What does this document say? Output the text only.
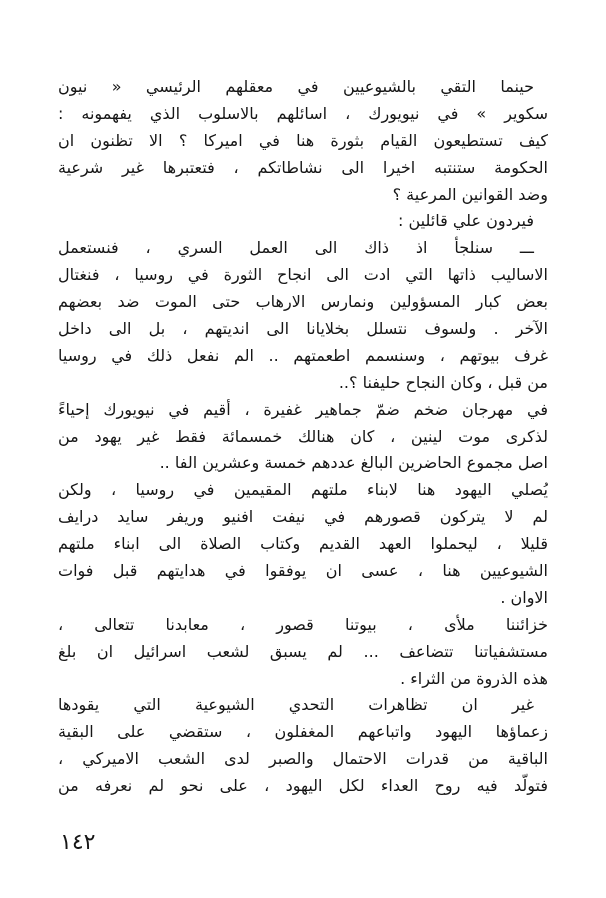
حينما التقي بالشيوعيين في معقلهم الرئيسي « نيون
سكوير » في نيويورك ، اسائلهم بالاسلوب الذي يفهمونه :
كيف تستطيعون القيام بثورة هنا في اميركا ؟ الا تظنون ان
الحكومة ستنتبه اخيرا الى نشاطاتكم ، فتعتبرها غير شرعية
وضد القوانين المرعية ؟
فيردون علي قائلين :
ـــ سنلجأ اذ ذاك الى العمل السري ، فنستعمل
الاساليب ذاتها التي ادت الى انجاح الثورة في روسيا ، فنغتال
بعض كبار المسؤولين ونمارس الارهاب حتى الموت ضد بعضهم
الآخر . ولسوف نتسلل بخلايانا الى انديتهم ، بل الى داخل
غرف بيوتهم ، وسنسمم اطعمتهم .. الم نفعل ذلك في روسيا
من قبل ، وكان النجاح حليفنا ؟..
في مهرجان ضخم ضمّ جماهير غفيرة ، أقيم في نيويورك إحياءً
لذكرى موت لينين ، كان هنالك خمسمائة فقط غير يهود من
اصل مجموع الحاضرين البالغ عددهم خمسة وعشرين الفا ..
يُصلي اليهود هنا لابناء ملتهم المقيمين في روسيا ، ولكن
لم لا يتركون قصورهم في نيفت افنيو وريفر سايد درايف
قليلا ، ليحملوا العهد القديم وكتاب الصلاة الى ابناء ملتهم
الشيوعيين هنا ، عسى ان يوفقوا في هدايتهم قبل فوات
الاوان .
خزائننا ملأى ، بيوتنا قصور ، معابدنا تتعالى ،
مستشفياتنا تتضاعف ... لم يسبق لشعب اسرائيل ان بلغ
هذه الذروة من الثراء .
غير ان تظاهرات التحدي الشيوعية التي يقودها
زعماؤها اليهود واتباعهم المغفلون ، ستقضي على البقية
الباقية من قدرات الاحتمال والصبر لدى الشعب الاميركي ،
فتولّد فيه روح العداء لكل اليهود ، على نحو لم نعرفه من
١٤٢
